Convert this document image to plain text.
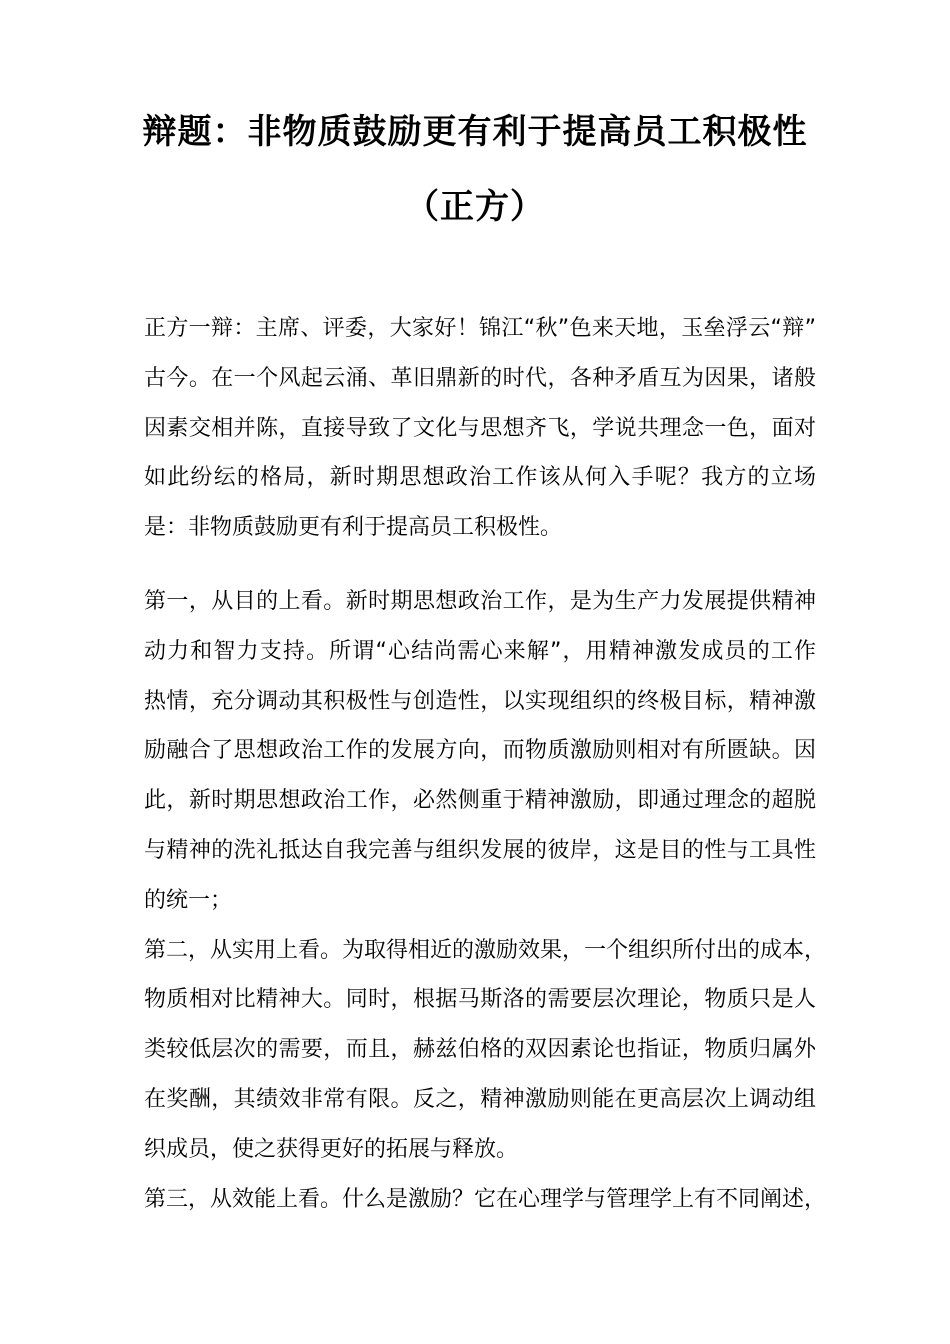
辩题：非物质鼓励更有利于提高员工积极性
（正方）
正方一辩：主席、评委，大家好！锦江“秋”色来天地，玉垒浮云“辩”
古今。在一个风起云涌、革旧鼎新的时代，各种矛盾互为因果，诸般
因素交相并陈，直接导致了文化与思想齐飞，学说共理念一色，面对
如此纷纭的格局，新时期思想政治工作该从何入手呢？我方的立场
是：非物质鼓励更有利于提高员工积极性。
第一，从目的上看。新时期思想政治工作，是为生产力发展提供精神
动力和智力支持。所谓“心结尚需心来解”，用精神激发成员的工作
热情，充分调动其积极性与创造性，以实现组织的终极目标，精神激
励融合了思想政治工作的发展方向，而物质激励则相对有所匮缺。因
此，新时期思想政治工作，必然侧重于精神激励，即通过理念的超脱
与精神的洗礼抵达自我完善与组织发展的彼岸，这是目的性与工具性
的统一；
第二，从实用上看。为取得相近的激励效果，一个组织所付出的成本，
物质相对比精神大。同时，根据马斯洛的需要层次理论，物质只是人
类较低层次的需要，而且，赫兹伯格的双因素论也指证，物质归属外
在奖酬，其绩效非常有限。反之，精神激励则能在更高层次上调动组
织成员，使之获得更好的拓展与释放。
第三，从效能上看。什么是激励？它在心理学与管理学上有不同阐述，
